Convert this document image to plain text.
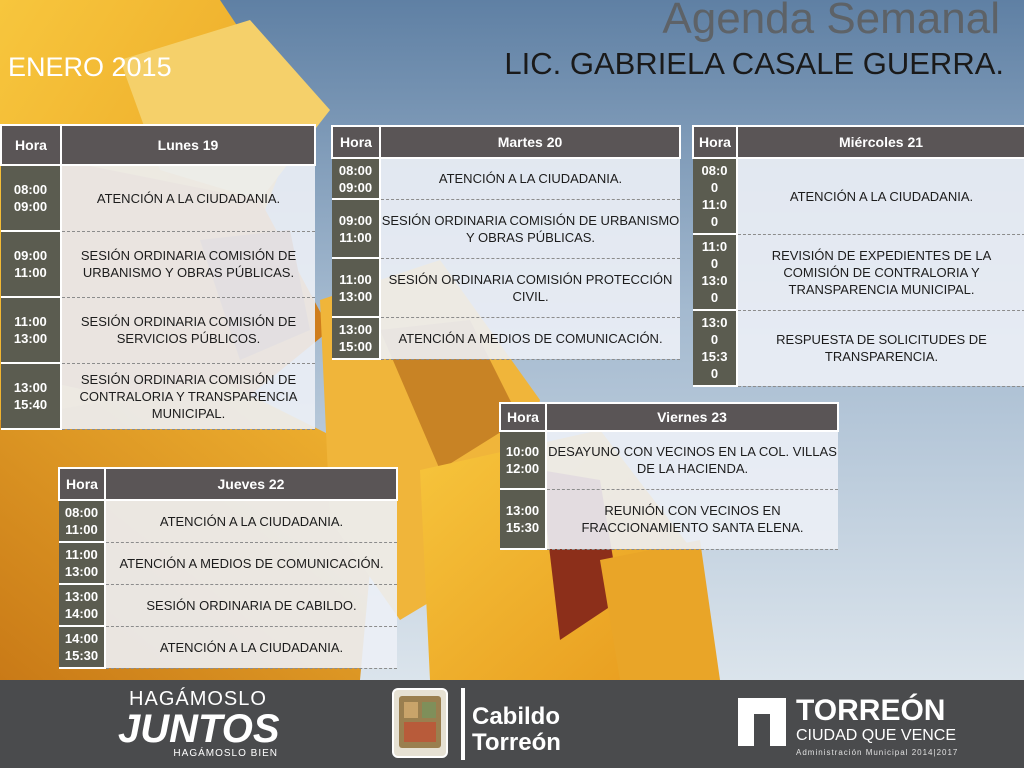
Agenda Semanal
LIC. GABRIELA CASALE GUERRA.
ENERO 2015
Hora	Lunes 19
08:00
09:00	ATENCIÓN A LA CIUDADANIA.
09:00
11:00	SESIÓN ORDINARIA COMISIÓN DE URBANISMO Y OBRAS PÚBLICAS.
11:00
13:00	SESIÓN ORDINARIA COMISIÓN DE SERVICIOS PÚBLICOS.
13:00
15:40	SESIÓN ORDINARIA COMISIÓN DE CONTRALORIA Y TRANSPARENCIA MUNICIPAL.
Hora	Martes 20
08:00
09:00	ATENCIÓN A LA CIUDADANIA.
09:00
11:00	SESIÓN ORDINARIA COMISIÓN DE URBANISMO Y OBRAS PÚBLICAS.
11:00
13:00	SESIÓN ORDINARIA COMISIÓN PROTECCIÓN CIVIL.
13:00
15:00	ATENCIÓN A MEDIOS DE COMUNICACIÓN.
Hora	Miércoles 21
08:0
0
11:0
0	ATENCIÓN A LA CIUDADANIA.
11:0
0
13:0
0	REVISIÓN DE EXPEDIENTES DE LA COMISIÓN DE CONTRALORIA Y TRANSPARENCIA MUNICIPAL.
13:0
0
15:3
0	RESPUESTA DE SOLICITUDES DE TRANSPARENCIA.
Hora	Viernes 23
10:00
12:00	DESAYUNO CON VECINOS EN LA COL. VILLAS DE LA HACIENDA.
13:00
15:30	REUNIÓN CON VECINOS EN FRACCIONAMIENTO SANTA ELENA.
Hora	Jueves 22
08:00
11:00	ATENCIÓN A LA CIUDADANIA.
11:00
13:00	ATENCIÓN A MEDIOS DE COMUNICACIÓN.
13:00
14:00	SESIÓN ORDINARIA DE CABILDO.
14:00
15:30	ATENCIÓN A LA CIUDADANIA.
HAGÁMOSLO
JUNTOS
HAGÁMOSLO BIEN
Cabildo
Torreón
TORREÓN
CIUDAD QUE VENCE
Administración Municipal 2014|2017
